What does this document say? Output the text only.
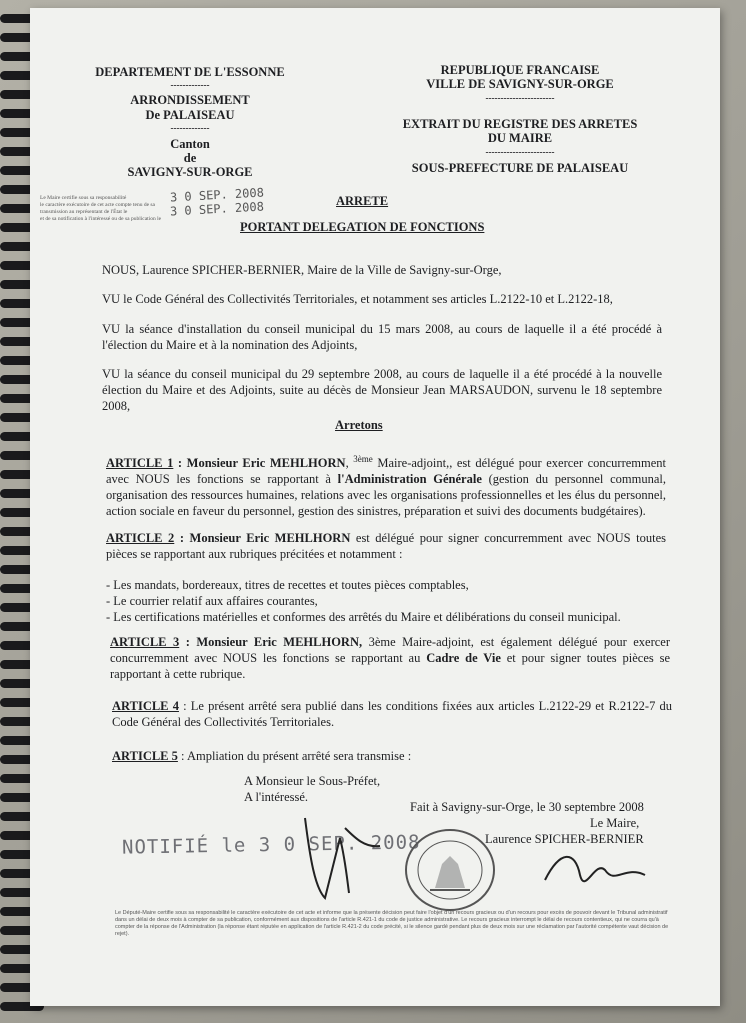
DEPARTEMENT DE L'ESSONNE
-------------
ARRONDISSEMENT
De PALAISEAU
-------------
Canton
de
SAVIGNY-SUR-ORGE
REPUBLIQUE FRANCAISE
VILLE DE SAVIGNY-SUR-ORGE
-----------------------
EXTRAIT DU REGISTRE DES ARRETES
DU MAIRE
-----------------------
SOUS-PREFECTURE DE PALAISEAU
Le Maire certifie sous sa responsabilité
le caractère exécutoire de cet acte compte tenu de sa
transmission au représentant de l'État le
et de sa notification à l'intéressé ou de sa publication le
3 0 SEP. 2008
3 0 SEP. 2008	ARRETE
PORTANT DELEGATION DE FONCTIONS
NOUS, Laurence SPICHER-BERNIER, Maire de la Ville de Savigny-sur-Orge,
VU le Code Général des Collectivités Territoriales, et notamment ses articles L.2122-10 et L.2122-18,
VU la séance d'installation du conseil municipal du 15 mars 2008, au cours de laquelle il a été procédé à l'élection du Maire et à la nomination des Adjoints,
VU la séance du conseil municipal du 29 septembre 2008, au cours de laquelle il a été procédé à la nouvelle élection du Maire et des Adjoints, suite au décès de Monsieur Jean MARSAUDON, survenu le 18 septembre 2008,
Arretons
ARTICLE 1 : Monsieur Eric MEHLHORN, $^{3ème}$ Maire-adjoint,, est délégué pour exercer concurremment avec NOUS les fonctions se rapportant à l'Administration Générale (gestion du personnel communal, organisation des ressources humaines, relations avec les organisations professionnelles et les élus du personnel, action sociale en faveur du personnel, gestion des sinistres, préparation et suivi des documents budgétaires).
ARTICLE 2 : Monsieur Eric MEHLHORN est délégué pour signer concurremment avec NOUS toutes pièces se rapportant aux rubriques précitées et notamment :
- Les mandats, bordereaux, titres de recettes et toutes pièces comptables,
- Le courrier relatif aux affaires courantes,
- Les certifications matérielles et conformes des arrêtés du Maire et délibérations du conseil municipal.
ARTICLE 3 : Monsieur Eric MEHLHORN, 3ème Maire-adjoint, est également délégué pour exercer concurremment avec NOUS les fonctions se rapportant au Cadre de Vie et pour signer toutes pièces se rapportant à cette rubrique.
ARTICLE 4 : Le présent arrêté sera publié dans les conditions fixées aux articles L.2122-29 et R.2122-7 du Code Général des Collectivités Territoriales.
ARTICLE 5 : Ampliation du présent arrêté sera transmise :
A Monsieur le Sous-Préfet,
A l'intéressé.
Fait à Savigny-sur-Orge, le 30 septembre 2008
Le Maire,
Laurence SPICHER-BERNIER
NOTIFIÉ le 3 0 SEP. 2008
Le Député-Maire certifie sous sa responsabilité le caractère exécutoire de cet acte et informe que la présente décision peut faire l'objet d'un recours gracieux ou d'un recours pour excès de pouvoir devant le Tribunal administratif dans un délai de deux mois à compter de sa publication, conformément aux dispositions de l'article R.421-1 du code de justice administrative. Le recours gracieux interrompt le délai de recours contentieux, qui ne courra qu'à compter de la réponse de l'Administration (la réponse étant réputée en application de l'article R.421-2 du code précité, si le silence gardé pendant plus de deux mois sur une réclamation par l'autorité compétente vaut décision de rejet).
